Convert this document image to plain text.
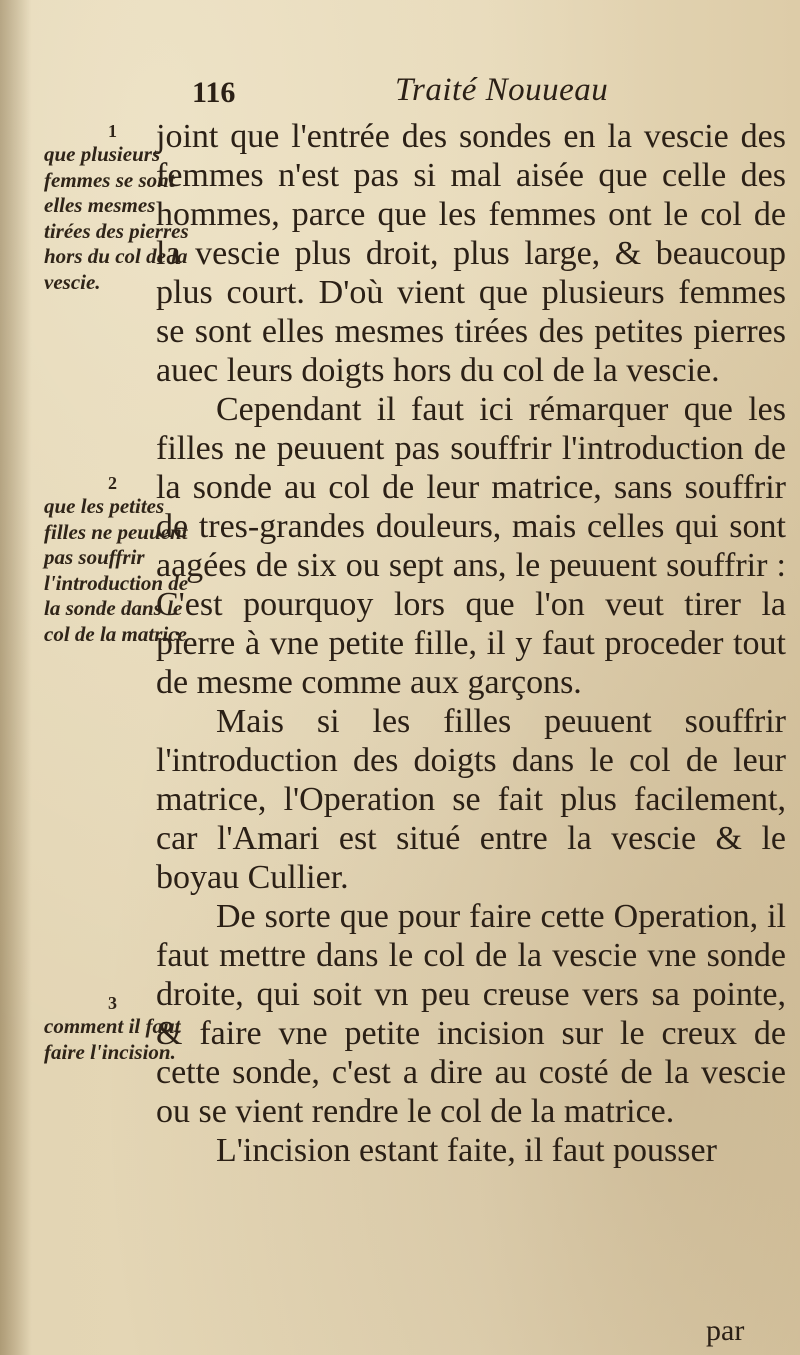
116	Traité Nouueau
1
que plusieurs femmes se sont elles mesmes tirées des pierres hors du col de la vescie.
2
que les petites filles ne peuuent pas souffrir l'introduction de la sonde dans le col de la matrice
3
comment il faut faire l'incision.

joint que l'entrée des sondes en la vescie des femmes n'est pas si mal aisée que celle des hommes, parce que les femmes ont le col de la vescie plus droit, plus large, & beaucoup plus court. D'où vient que plusieurs femmes se sont elles mesmes tirées des petites pierres auec leurs doigts hors du col de la vescie.

Cependant il faut ici rémarquer que les filles ne peuuent pas souffrir l'introduction de la sonde au col de leur matrice, sans souffrir de tres-grandes douleurs, mais celles qui sont aagées de six ou sept ans, le peuuent souffrir : C'est pourquoy lors que l'on veut tirer la pierre à vne petite fille, il y faut proceder tout de mesme comme aux garçons.

Mais si les filles peuuent souffrir l'introduction des doigts dans le col de leur matrice, l'Operation se fait plus facilement, car l'Amari est situé entre la vescie & le boyau Cullier.

De sorte que pour faire cette Operation, il faut mettre dans le col de la vescie vne sonde droite, qui soit vn peu creuse vers sa pointe, & faire vne petite incision sur le creux de cette sonde, c'est a dire au costé de la vescie ou se vient rendre le col de la matrice.

L'incision estant faite, il faut pousser

par
